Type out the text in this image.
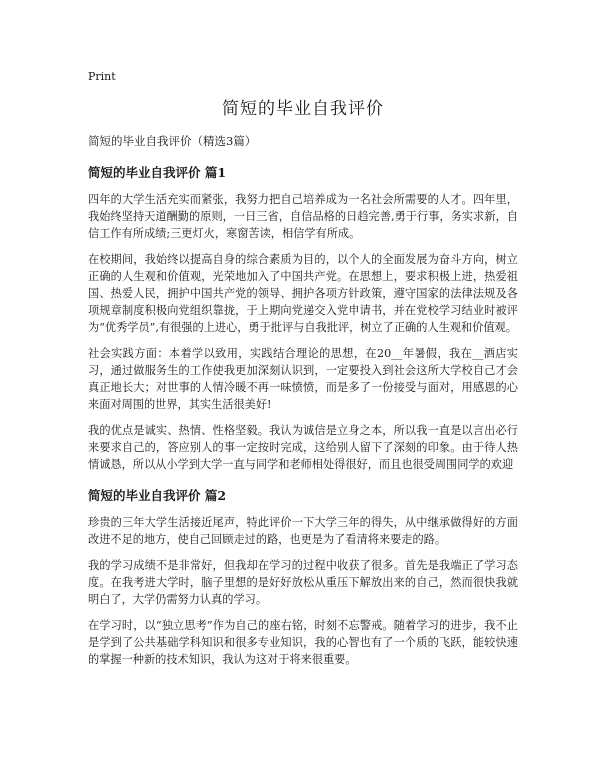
Print
简短的毕业自我评价
简短的毕业自我评价（精选3篇）
简短的毕业自我评价 篇1

四年的大学生活充实而紧张，我努力把自己培养成为一名社会所需要的人才。四年里，我始终坚持天道酬勤的原则，一日三省，自信品格的日趋完善,勇于行事，务实求新，自信工作有所成绩;三更灯火，寒窗苦读，相信学有所成。

在校期间，我始终以提高自身的综合素质为目的，以个人的全面发展为奋斗方向，树立正确的人生观和价值观，光荣地加入了中国共产党。在思想上，要求积极上进，热爱祖国、热爱人民，拥护中国共产党的领导、拥护各项方针政策，遵守国家的法律法规及各项规章制度积极向党组织靠拢，于上期向党递交入党申请书，并在党校学习结业时被评为“优秀学员”,有很强的上进心，勇于批评与自我批评，树立了正确的人生观和价值观。

社会实践方面：本着学以致用，实践结合理论的思想，在20__年暑假，我在__酒店实习，通过做服务生的工作使我更加深刻认识到，一定要投入到社会这所大学校自己才会真正地长大；对世事的人情冷暖不再一味愤愤，而是多了一份接受与面对，用感恩的心来面对周围的世界，其实生活很美好!

我的优点是诚实、热情、性格坚毅。我认为诚信是立身之本，所以我一直是以言出必行来要求自己的，答应别人的事一定按时完成，这给别人留下了深刻的印象。由于待人热情诚恳，所以从小学到大学一直与同学和老师相处得很好，而且也很受周围同学的欢迎

简短的毕业自我评价 篇2

珍贵的三年大学生活接近尾声，特此评价一下大学三年的得失，从中继承做得好的方面改进不足的地方，使自己回顾走过的路，也更是为了看清将来要走的路。

我的学习成绩不是非常好，但我却在学习的过程中收获了很多。首先是我端正了学习态度。在我考进大学时，脑子里想的是好好放松从重压下解放出来的自己，然而很快我就明白了，大学仍需努力认真的学习。

在学习时，以“独立思考”作为自己的座右铭，时刻不忘警戒。随着学习的进步，我不止是学到了公共基础学科知识和很多专业知识，我的心智也有了一个质的飞跃，能较快速的掌握一种新的技术知识，我认为这对于将来很重要。
